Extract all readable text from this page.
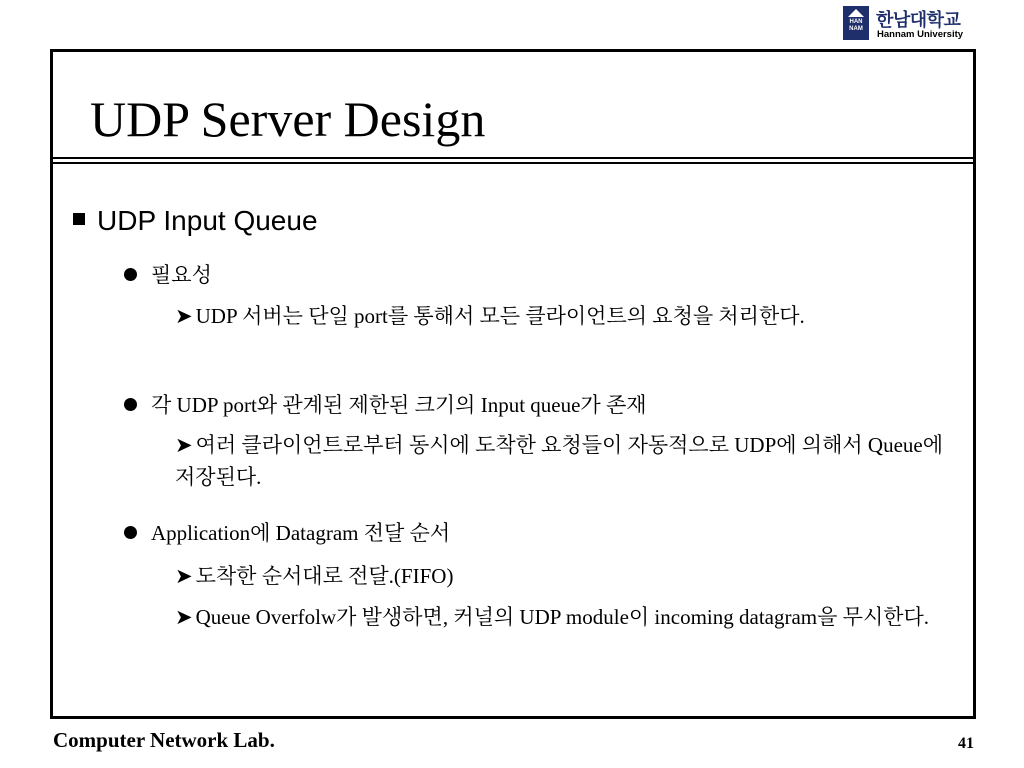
HAN NAM 한남대학교
Hannam University
UDP Server Design
UDP Input Queue
필요성
➤ UDP 서버는 단일 port를 통해서 모든 클라이언트의 요청을 처리한다.
각 UDP port와 관계된 제한된 크기의 Input queue가 존재
➤ 여러 클라이언트로부터 동시에 도착한 요청들이 자동적으로 UDP에 의해서 Queue에 저장된다.
Application에 Datagram 전달 순서
➤ 도착한 순서대로 전달.(FIFO)
➤ Queue Overfolw가 발생하면, 커널의 UDP module이 incoming datagram을 무시한다.
Computer Network Lab.	41
